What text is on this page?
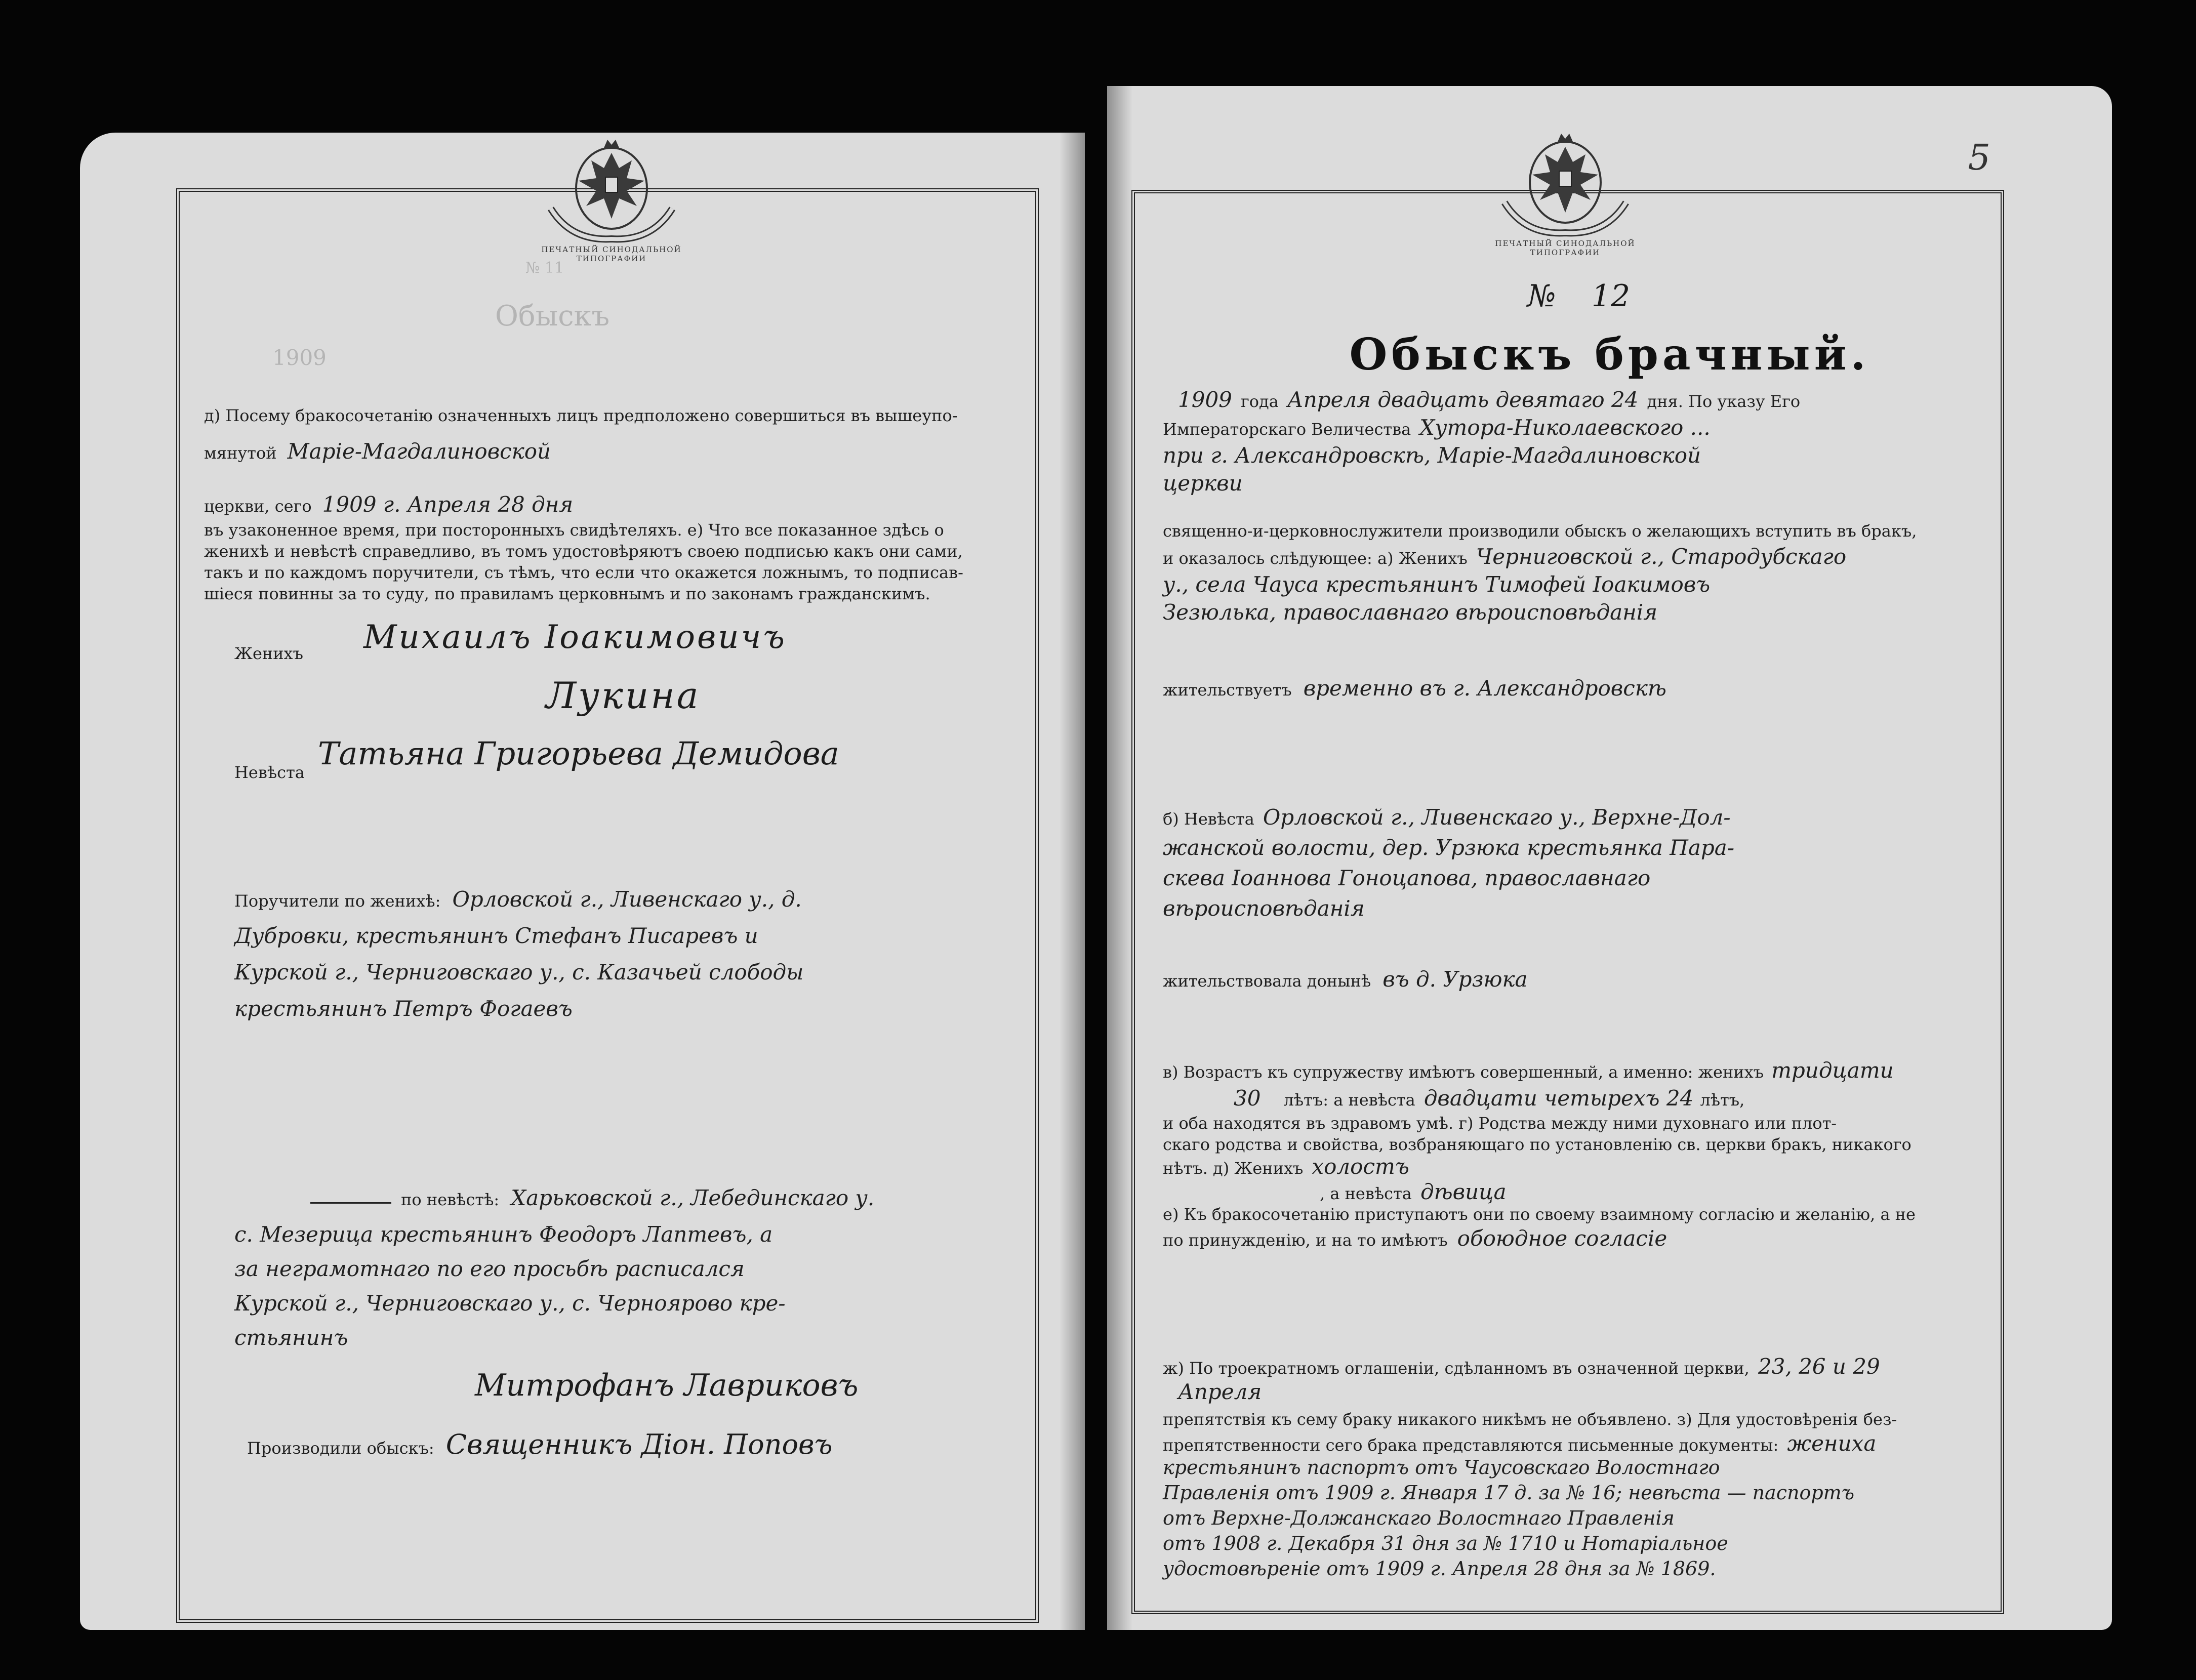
ПЕЧАТНЫЙ СИНОДАЛЬНОЙ ТИПОГРАФИИ
№ 11
Обыскъ
1909
д) Посему бракосочетанію означенныхъ лицъ предположено совершиться въ вышеупо-
мянутой Маріе-Магдалиновской
церкви, сего 1909 г. Апреля 28 дня
въ узаконенное время, при посторонныхъ свидѣтеляхъ. е) Что все показанное здѣсь о
женихѣ и невѣстѣ справедливо, въ томъ удостовѣряютъ своею подписью какъ они сами,
такъ и по каждомъ поручители, съ тѣмъ, что если что окажется ложнымъ, то подписав-
шіеся повинны за то суду, по правиламъ церковнымъ и по законамъ гражданскимъ.
Женихъ Михаилъ Іоакимовичъ
Лукина
Невѣста
Татьяна Григорьева Демидова
Поручители по женихѣ: Орловской г., Ливенскаго у., д.
Дубровки, крестьянинъ Стефанъ Писаревъ и
Курской г., Черниговскаго у., с. Казачьей слободы
крестьянинъ Петръ Фогаевъ
по невѣстѣ: Харьковской г., Лебединскаго у.
с. Мезерица крестьянинъ Феодоръ Лаптевъ, а
за неграмотнаго по его просьбѣ расписался
Курской г., Черниговскаго у., с. Черноярово кре-
стьянинъ
Митрофанъ Лавриковъ
Производили обыскъ: Священникъ Діон. Поповъ
5
ПЕЧАТНЫЙ СИНОДАЛЬНОЙ ТИПОГРАФИИ
№ 12
Обыскъ брачный.
1909 года Апреля двадцать девятаго 24 дня. По указу Его
Императорскаго Величества Хутора-Николаевского ...
при г. Александровскѣ, Маріе-Магдалиновской
церкви
священно-и-церковнослужители производили обыскъ о желающихъ вступить въ бракъ,
и оказалось слѣдующее: а) Женихъ Черниговской г., Стародубскаго
у., села Чауса крестьянинъ Тимофей Іоакимовъ
Зезюлька, православнаго вѣроисповѣданія
жительствуетъ временно въ г. Александровскѣ
б) Невѣста Орловской г., Ливенскаго у., Верхне-Дол-
жанской волости, дер. Урзюка крестьянка Пара-
скева Іоаннова Гоноцапова, православнаго
вѣроисповѣданія
жительствовала донынѣ въ д. Урзюка
в) Возрастъ къ супружеству имѣютъ совершенный, а именно: женихъ тридцати
30 лѣтъ: а невѣста двадцати четырехъ 24 лѣтъ,
и оба находятся въ здравомъ умѣ. г) Родства между ними духовнаго или плот-
скаго родства и свойства, возбраняющаго по установленію св. церкви бракъ, никакого
нѣтъ. д) Женихъ холостъ
, а невѣста дѣвица
е) Къ бракосочетанію приступаютъ они по своему взаимному согласію и желанію, а не
по принужденію, и на то имѣютъ обоюдное согласіе
ж) По троекратномъ оглашеніи, сдѣланномъ въ означенной церкви, 23, 26 и 29
Апреля
препятствія къ сему браку никакого никѣмъ не объявлено. з) Для удостовѣренія без-
препятственности сего брака представляются письменные документы: жениха
крестьянинъ паспортъ отъ Чаусовскаго Волостнаго
Правленія отъ 1909 г. Января 17 д. за № 16; невѣста — паспортъ
отъ Верхне-Должанскаго Волостнаго Правленія
отъ 1908 г. Декабря 31 дня за № 1710 и Нотаріальное
удостовѣреніе отъ 1909 г. Апреля 28 дня за № 1869.
